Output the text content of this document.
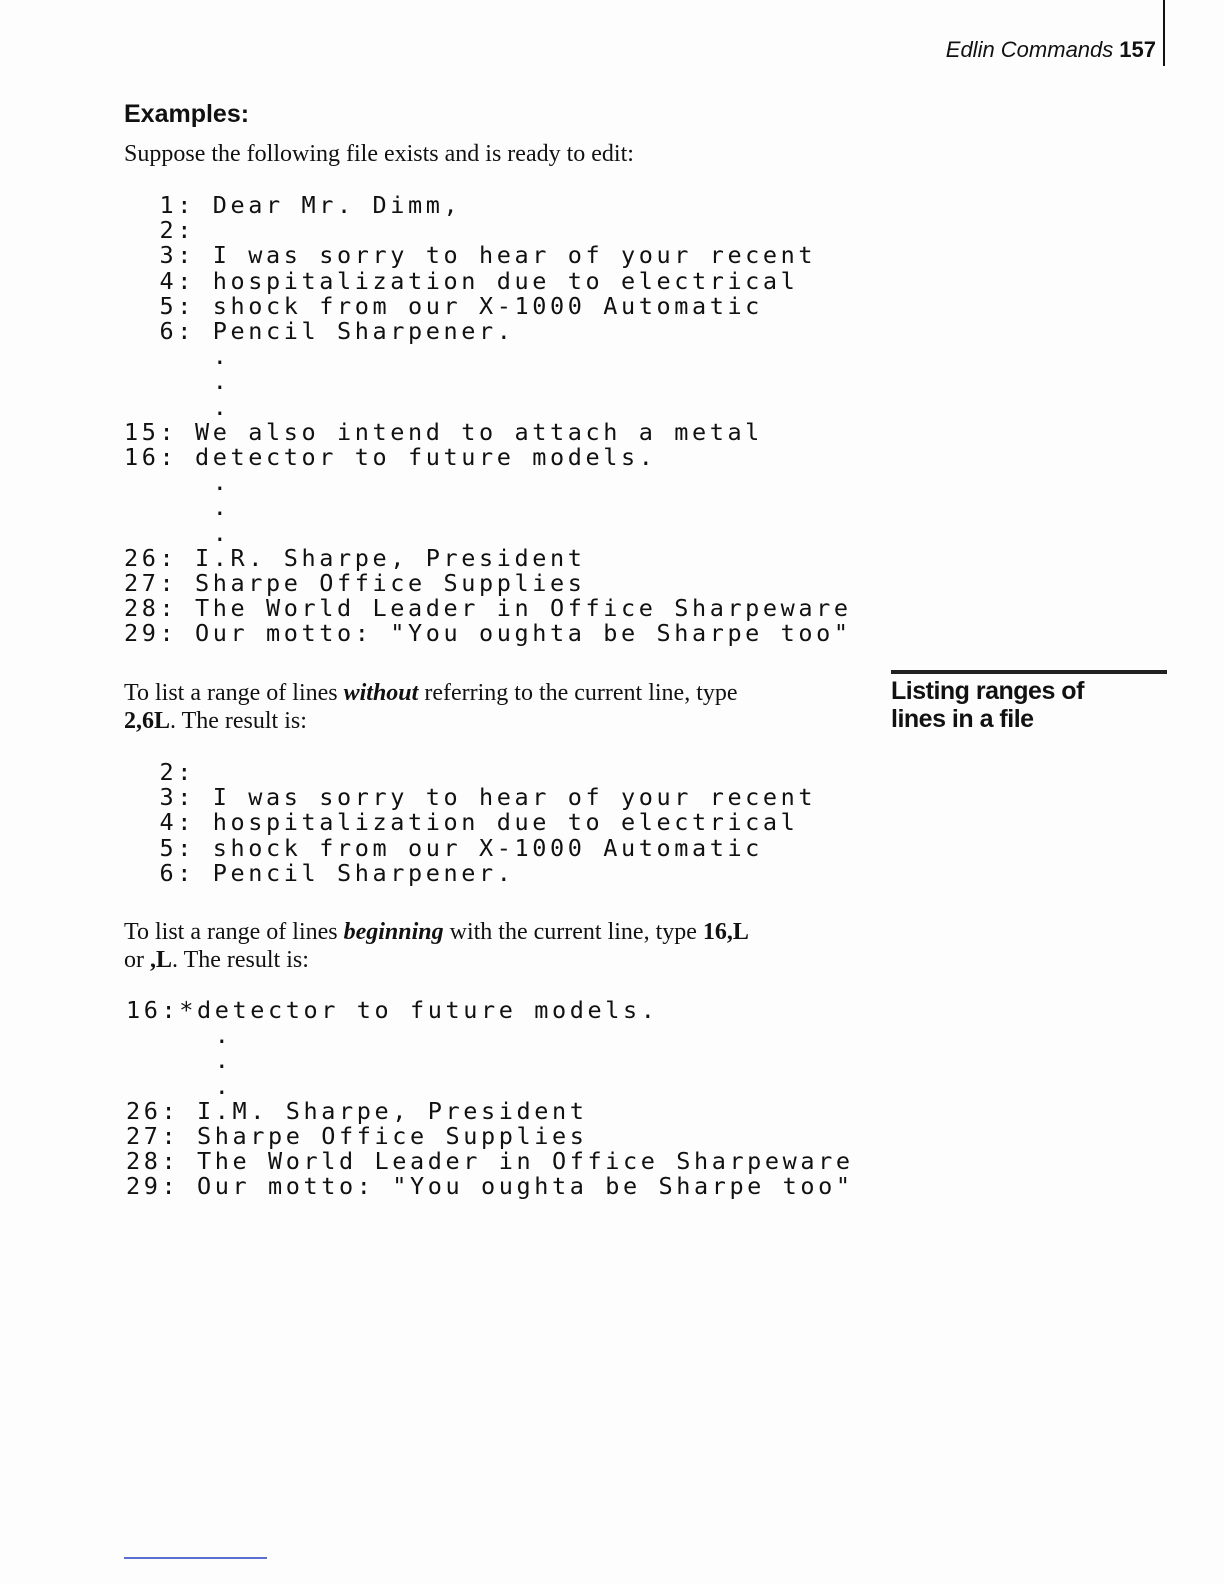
Edlin Commands 157
Examples:

Suppose the following file exists and is ready to edit:

1: Dear Mr. Dimm,
2:
3: I was sorry to hear of your recent
4: hospitalization due to electrical
5: shock from our X-1000 Automatic
6: Pencil Sharpener.
.
.
.
15: We also intend to attach a metal
16: detector to future models.
.
.
.
26: I.R. Sharpe, President
27: Sharpe Office Supplies
28: The World Leader in Office Sharpeware
29: Our motto: "You oughta be Sharpe too"

To list a range of lines without referring to the current line, type
2,6L. The result is:

Listing ranges of
lines in a file
2:
3: I was sorry to hear of your recent
4: hospitalization due to electrical
5: shock from our X-1000 Automatic
6: Pencil Sharpener.

To list a range of lines beginning with the current line, type 16,L
or ,L. The result is:

16:*detector to future models.
.
.
.
26: I.M. Sharpe, President
27: Sharpe Office Supplies
28: The World Leader in Office Sharpeware
29: Our motto: "You oughta be Sharpe too"
